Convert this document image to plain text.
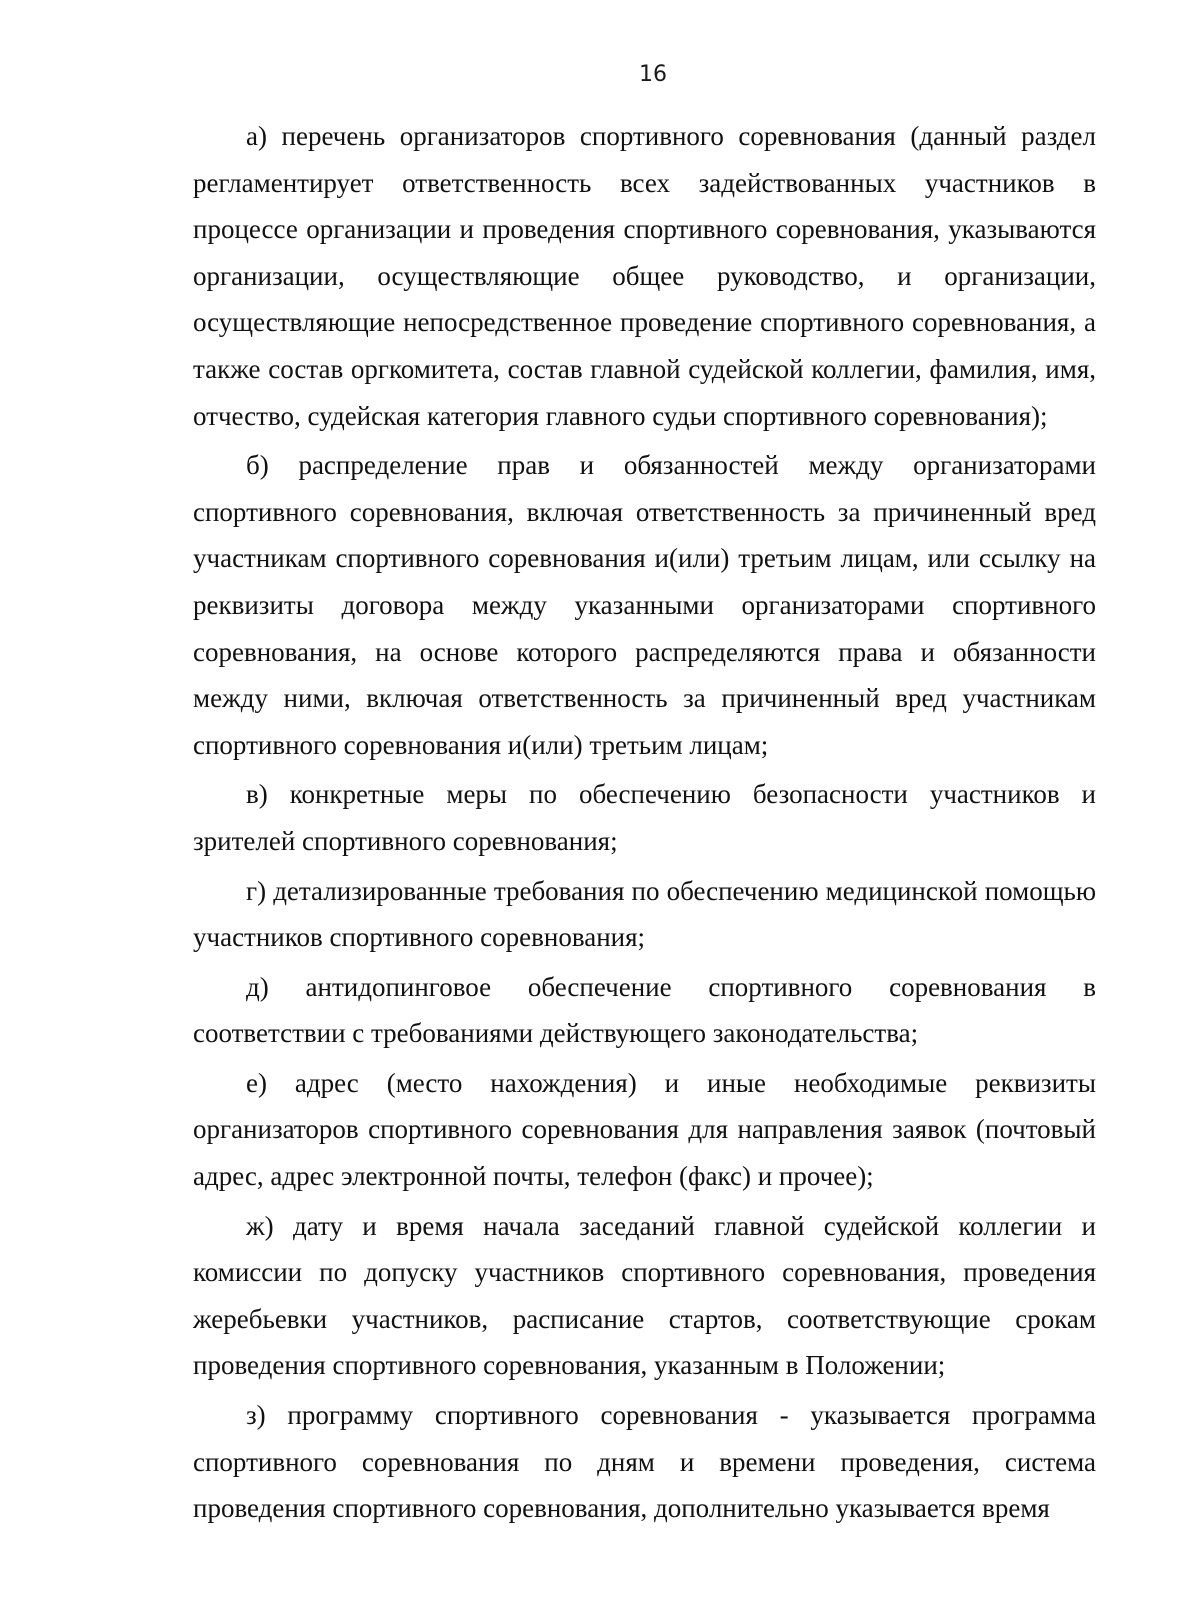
16

а) перечень организаторов спортивного соревнования (данный раздел регламентирует ответственность всех задействованных участников в процессе организации и проведения спортивного соревнования, указываются организации, осуществляющие общее руководство, и организации, осуществляющие непосредственное проведение спортивного соревнования, а также состав оргкомитета, состав главной судейской коллегии, фамилия, имя, отчество, судейская категория главного судьи спортивного соревнования);

б) распределение прав и обязанностей между организаторами спортивного соревнования, включая ответственность за причиненный вред участникам спортивного соревнования и(или) третьим лицам, или ссылку на реквизиты договора между указанными организаторами спортивного соревнования, на основе которого распределяются права и обязанности между ними, включая ответственность за причиненный вред участникам спортивного соревнования и(или) третьим лицам;

в) конкретные меры по обеспечению безопасности участников и зрителей спортивного соревнования;

г) детализированные требования по обеспечению медицинской помощью участников спортивного соревнования;

д) антидопинговое обеспечение спортивного соревнования в соответствии с требованиями действующего законодательства;

е) адрес (место нахождения) и иные необходимые реквизиты организаторов спортивного соревнования для направления заявок (почтовый адрес, адрес электронной почты, телефон (факс) и прочее);

ж) дату и время начала заседаний главной судейской коллегии и комиссии по допуску участников спортивного соревнования, проведения жеребьевки участников, расписание стартов, соответствующие срокам проведения спортивного соревнования, указанным в Положении;

з) программу спортивного соревнования - указывается программа спортивного соревнования по дням и времени проведения, система проведения спортивного соревнования, дополнительно указывается время
